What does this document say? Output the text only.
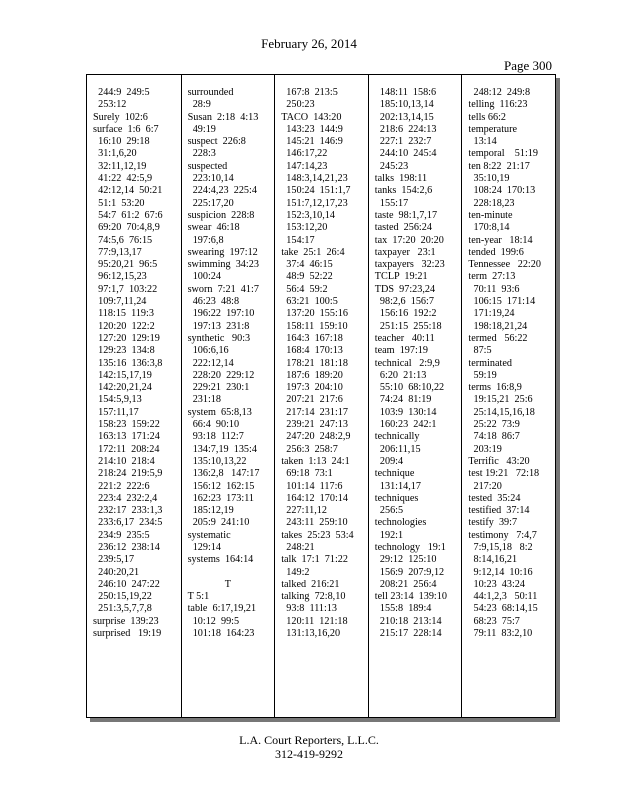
February 26, 2014
Page 300
244:9  249:5
253:12
Surely  102:6
surface  1:6  6:7
16:10  29:18
31:1,6,20
32:11,12,19
41:22  42:5,9
42:12,14  50:21
51:1  53:20
54:7  61:2  67:6
69:20  70:4,8,9
74:5,6  76:15
77:9,13,17
95:20,21  96:5
96:12,15,23
97:1,7  103:22
109:7,11,24
118:15  119:3
120:20  122:2
127:20  129:19
129:23  134:8
135:16  136:3,8
142:15,17,19
142:20,21,24
154:5,9,13
157:11,17
158:23  159:22
163:13  171:24
172:11  208:24
214:10  218:4
218:24  219:5,9
221:2  222:6
223:4  232:2,4
232:17  233:1,3
233:6,17  234:5
234:9  235:5
236:12  238:14
239:5,17
240:20,21
246:10  247:22
250:15,19,22
251:3,5,7,7,8
surprise  139:23
surprised   19:19
surrounded
28:9
Susan  2:18  4:13
49:19
suspect  226:8
228:3
suspected
223:10,14
224:4,23  225:4
225:17,20
suspicion  228:8
swear  46:18
197:6,8
swearing  197:12
swimming  34:23
100:24
sworn  7:21  41:7
46:23  48:8
196:22  197:10
197:13  231:8
synthetic   90:3
106:6,16
222:12,14
228:20  229:12
229:21  230:1
231:18
system  65:8,13
66:4  90:10
93:18  112:7
134:7,19  135:4
135:10,13,22
136:2,8   147:17
156:12  162:15
162:23  173:11
185:12,19
205:9  241:10
systematic
129:14
systems  164:14
T
T 5:1
table  6:17,19,21
10:12  99:5
101:18  164:23
167:8  213:5
250:23
TACO  143:20
143:23  144:9
145:21  146:9
146:17,22
147:14,23
148:3,14,21,23
150:24  151:1,7
151:7,12,17,23
152:3,10,14
153:12,20
154:17
take  25:1  26:4
37:4  46:15
48:9  52:22
56:4  59:2
63:21  100:5
137:20  155:16
158:11  159:10
164:3  167:18
168:4  170:13
178:21  181:18
187:6  189:20
197:3  204:10
207:21  217:6
217:14  231:17
239:21  247:13
247:20  248:2,9
256:3  258:7
taken  1:13  24:1
69:18  73:1
101:14  117:6
164:12  170:14
227:11,12
243:11  259:10
takes  25:23  53:4
248:21
talk  17:1  71:22
149:2
talked  216:21
talking  72:8,10
93:8  111:13
120:11  121:18
131:13,16,20
148:11  158:6
185:10,13,14
202:13,14,15
218:6  224:13
227:1  232:7
244:10  245:4
245:23
talks  198:11
tanks  154:2,6
155:17
taste  98:1,7,17
tasted  256:24
tax  17:20  20:20
taxpayer   23:1
taxpayers   32:23
TCLP  19:21
TDS  97:23,24
98:2,6  156:7
156:16  192:2
251:15  255:18
teacher   40:11
team  197:19
technical   2:9,9
6:20  21:13
55:10  68:10,22
74:24  81:19
103:9  130:14
160:23  242:1
technically
206:11,15
209:4
technique
131:14,17
techniques
256:5
technologies
192:1
technology   19:1
29:12  125:10
156:9  207:9,12
208:21  256:4
tell 23:14  139:10
155:8  189:4
210:18  213:14
215:17  228:14
248:12  249:8
telling  116:23
tells 66:2
temperature
13:14
temporal    51:19
ten 8:22  21:17
35:10,19
108:24  170:13
228:18,23
ten-minute
170:8,14
ten-year   18:14
tended  199:6
Tennessee   22:20
term  27:13
70:11  93:6
106:15  171:14
171:19,24
198:18,21,24
termed   56:22
87:5
terminated
59:19
terms  16:8,9
19:15,21  25:6
25:14,15,16,18
25:22  73:9
74:18  86:7
203:19
Terrific   43:20
test 19:21   72:18
217:20
tested  35:24
testified  37:14
testify  39:7
testimony   7:4,7
7:9,15,18   8:2
8:14,16,21
9:12,14  10:16
10:23  43:24
44:1,2,3   50:11
54:23  68:14,15
68:23  75:7
79:11  83:2,10
L.A. Court Reporters, L.L.C.
312-419-9292
